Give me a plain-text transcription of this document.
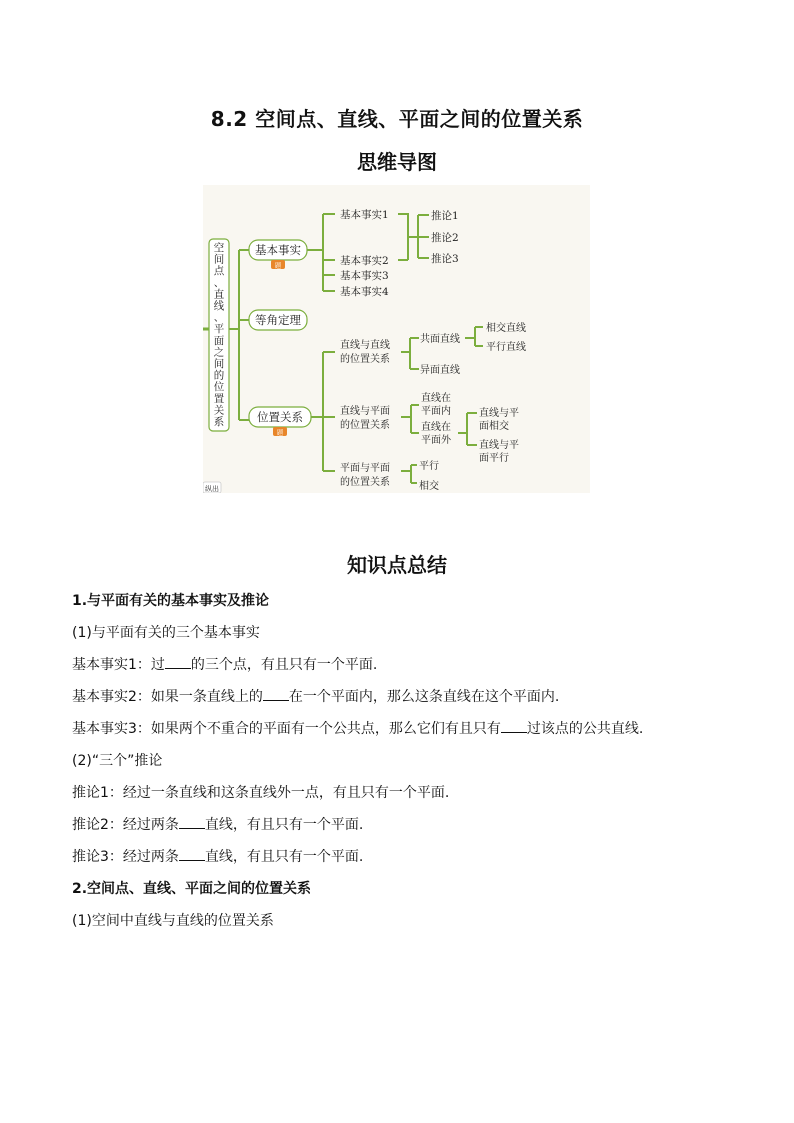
8.2 空间点、直线、平面之间的位置关系
思维导图
空
间
点
、
直
线
、
平
面
之
间
的
位
置
关
系
基本事实
题
等角定理
位置关系
题
基本事实1
基本事实2
基本事实3
基本事实4
推论1
推论2
推论3
直线与直线
的位置关系
共面直线
异面直线
相交直线
平行直线
直线与平面
的位置关系
直线在
平面内
直线在
平面外
直线与平
面相交
直线与平
面平行
平面与平面
的位置关系
平行
相交
纵出
知识点总结
1.与平面有关的基本事实及推论
(1)与平面有关的三个基本事实
基本事实1：过 的三个点，有且只有一个平面.
基本事实2：如果一条直线上的 在一个平面内，那么这条直线在这个平面内.
基本事实3：如果两个不重合的平面有一个公共点，那么它们有且只有 过该点的公共直线.
(2)“三个”推论
推论1：经过一条直线和这条直线外一点，有且只有一个平面.
推论2：经过两条 直线，有且只有一个平面.
推论3：经过两条 直线，有且只有一个平面.
2.空间点、直线、平面之间的位置关系
(1)空间中直线与直线的位置关系
